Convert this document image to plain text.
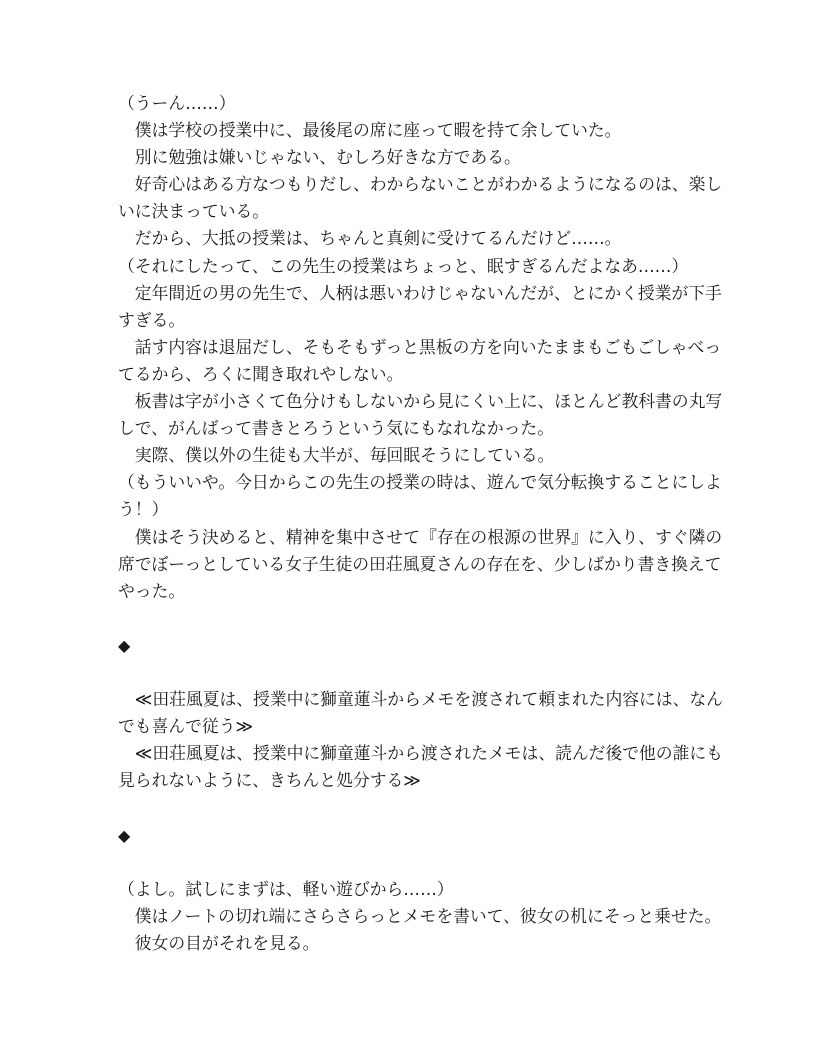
（うーん……）
　僕は学校の授業中に、最後尾の席に座って暇を持て余していた。
　別に勉強は嫌いじゃない、むしろ好きな方である。
　好奇心はある方なつもりだし、わからないことがわかるようになるのは、楽し
いに決まっている。
　だから、大抵の授業は、ちゃんと真剣に受けてるんだけど……。
（それにしたって、この先生の授業はちょっと、眠すぎるんだよなあ……）
　定年間近の男の先生で、人柄は悪いわけじゃないんだが、とにかく授業が下手
すぎる。
　話す内容は退屈だし、そもそもずっと黒板の方を向いたままもごもごしゃべっ
てるから、ろくに聞き取れやしない。
　板書は字が小さくて色分けもしないから見にくい上に、ほとんど教科書の丸写
しで、がんばって書きとろうという気にもなれなかった。
　実際、僕以外の生徒も大半が、毎回眠そうにしている。
（もういいや。今日からこの先生の授業の時は、遊んで気分転換することにしよ
う！）
　僕はそう決めると、精神を集中させて『存在の根源の世界』に入り、すぐ隣の
席でぼーっとしている女子生徒の田荘風夏さんの存在を、少しばかり書き換えて
やった。
◆
　≪田荘風夏は、授業中に獅童蓮斗からメモを渡されて頼まれた内容には、なん
でも喜んで従う≫
　≪田荘風夏は、授業中に獅童蓮斗から渡されたメモは、読んだ後で他の誰にも
見られないように、きちんと処分する≫
◆
（よし。試しにまずは、軽い遊びから……）
　僕はノートの切れ端にさらさらっとメモを書いて、彼女の机にそっと乗せた。
　彼女の目がそれを見る。
